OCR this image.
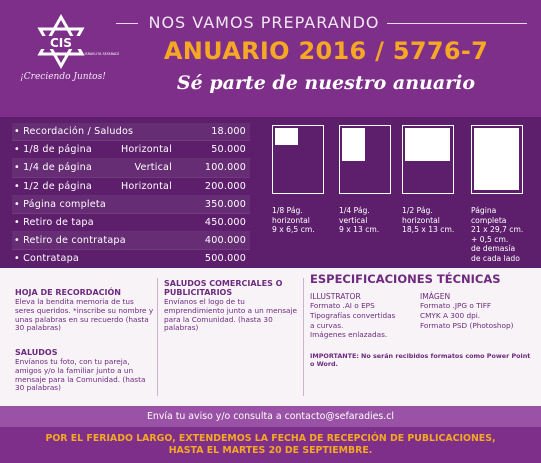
CIS
COMUNIDAD ISRAELITA SEFARADÍ
¡Creciendo Juntos!
NOS VAMOS PREPARANDO
ANUARIO 2016 / 5776-7
Sé parte de nuestro anuario
• Recordación / Saludos	18.000
• 1/8 de página	Horizontal	50.000
• 1/4 de página	Vertical	100.000
• 1/2 de página	Horizontal	200.000
• Página completa	350.000
• Retiro de tapa	450.000
• Retiro de contratapa	400.000
• Contratapa	500.000
1/8 Pág.
horizontal
9 x 6,5 cm.
1/4 Pág.
vertical
9 x 13 cm.
1/2 Pág.
horizontal
18,5 x 13 cm.
Página
completa
21 x 29,7 cm.
+ 0,5 cm.
de demasía
de cada lado
HOJA DE RECORDACIÓN
Eleva la bendita memoria de tus seres queridos. *inscribe su nombre y unas palabras en su recuerdo (hasta 30 palabras)
SALUDOS
Envíanos tu foto, con tu pareja, amigos y/o la familiar junto a un mensaje para la Comunidad. (hasta 30 palabras)
SALUDOS COMERCIALES O PUBLICITARIOS
Envíanos el logo de tu emprendimiento junto a un mensaje para la Comunidad. (hasta 30 palabras)
ESPECIFICACIONES TÉCNICAS
ILLUSTRATOR
Formato .AI o EPS
Tipografías convertidas
a curvas.
Imágenes enlazadas.
IMÁGEN
Formato .JPG o TIFF
CMYK A 300 dpi.
Formato PSD (Photoshop)
IMPORTANTE: No serán recibidos formatos como Power Point o Word.
Envía tu aviso y/o consulta a contacto@sefaradies.cl
POR EL FERIADO LARGO, EXTENDEMOS LA FECHA DE RECEPCIÓN DE PUBLICACIONES,
HASTA EL MARTES 20 DE SEPTIEMBRE.
